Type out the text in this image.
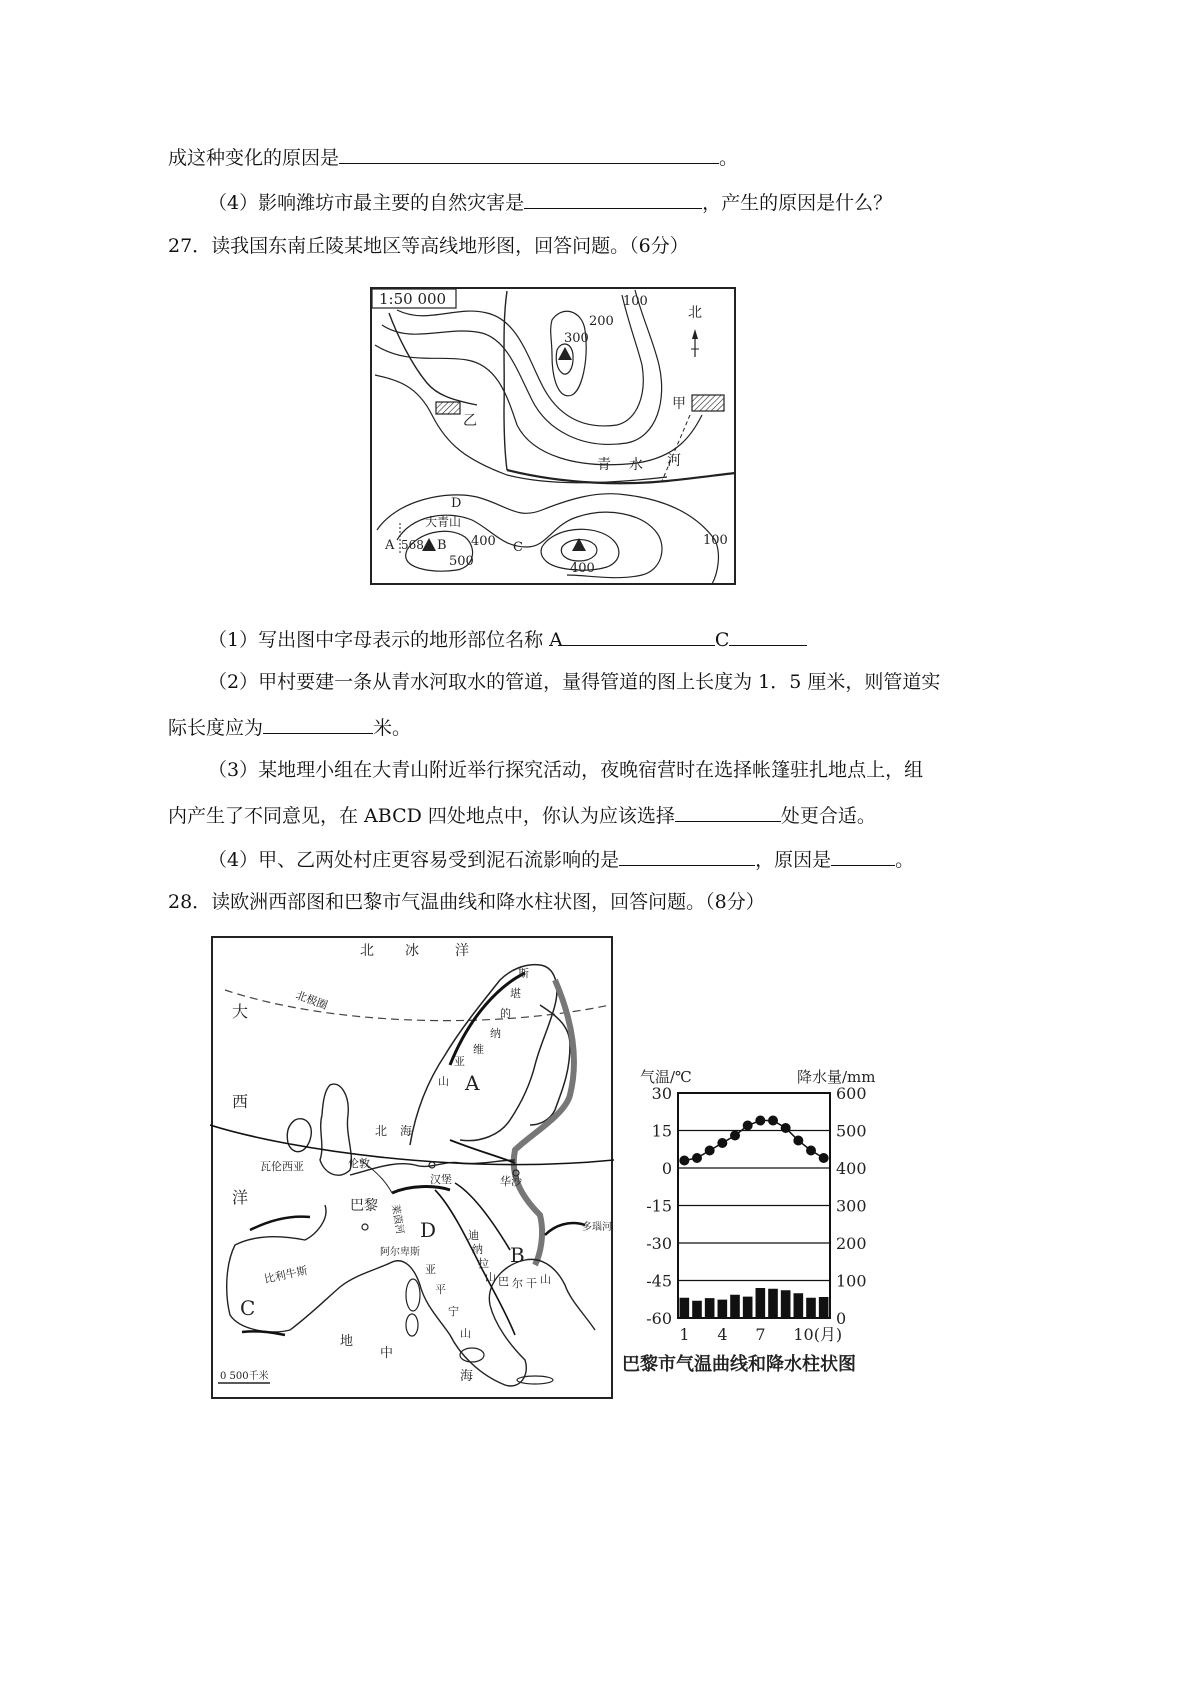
成这种变化的原因是	。
（4）影响潍坊市最主要的自然灾害是	，产生的原因是什么？
27．读我国东南丘陵某地区等高线地形图，回答问题。（6分）
1:50 000
北
100
200
300
乙
甲
青 水 河
D
大青山
A 568 B
500
400 C
400
100
（1）写出图中字母表示的地形部位名称 A	C
（2）甲村要建一条从青水河取水的管道，量得管道的图上长度为 1．5 厘米，则管道实
际长度应为	米。
（3）某地理小组在大青山附近举行探究活动，夜晚宿营时在选择帐篷驻扎地点上，组
内产生了不同意见，在 ABCD 四处地点中，你认为应该选择	处更合适。
（4）甲、乙两处村庄更容易受到泥石流影响的是	，原因是	。
28．读欧洲西部图和巴黎市气温曲线和降水柱状图，回答问题。（8分）
北极圈
北 冰	洋
大
西
洋
斯
堪
的
纳
维
亚
山 A
北 海
瓦伦西亚	伦敦
汉堡	华沙
莱茵河
巴黎
D
B
阿尔卑斯
多瑙河
比利牛斯
C
亚
平
宁
山
迪
纳
拉
山 巴 尔 干 山
地
中
海
0 500千米
气温/℃	降水量/mm
30	600
15	500
0	400
-15	300
-30	200
-45	100
-60	0
1 4 7 10(月)
巴黎市气温曲线和降水柱状图
